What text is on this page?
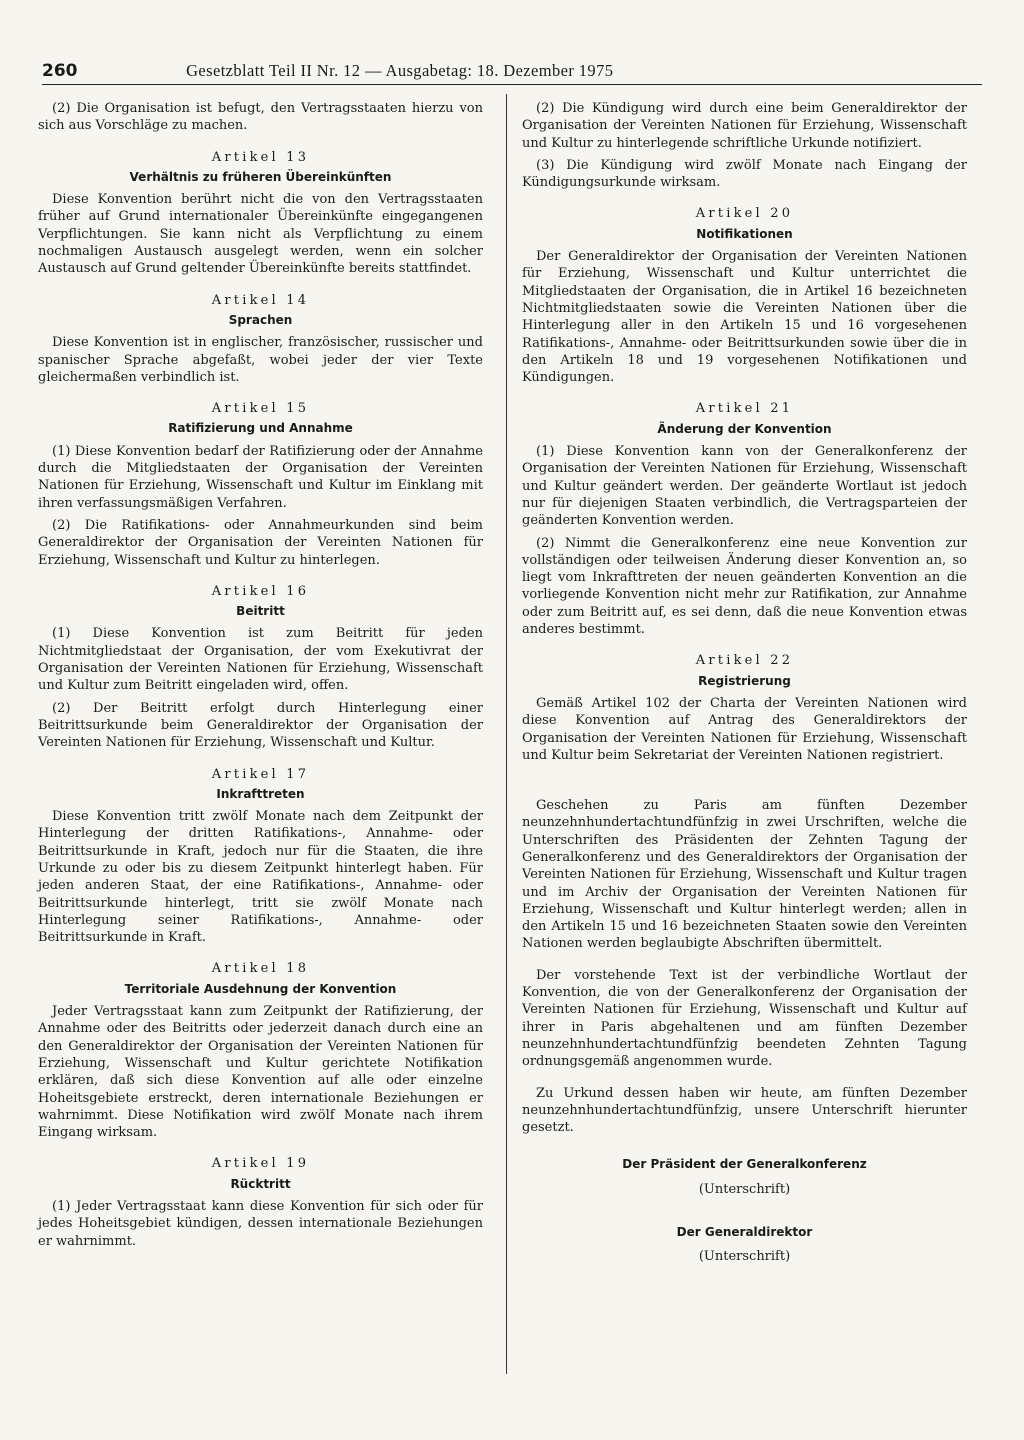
260	Gesetzblatt Teil II Nr. 12 — Ausgabetag: 18. Dezember 1975

(2) Die Organisation ist befugt, den Vertragsstaaten hierzu von sich aus Vorschläge zu machen.

Artikel 13
Verhältnis zu früheren Übereinkünften

Diese Konvention berührt nicht die von den Vertragsstaaten früher auf Grund internationaler Übereinkünfte eingegangenen Verpflichtungen. Sie kann nicht als Verpflichtung zu einem nochmaligen Austausch ausgelegt werden, wenn ein solcher Austausch auf Grund geltender Übereinkünfte bereits stattfindet.

Artikel 14
Sprachen

Diese Konvention ist in englischer, französischer, russischer und spanischer Sprache abgefaßt, wobei jeder der vier Texte gleichermaßen verbindlich ist.

Artikel 15
Ratifizierung und Annahme

(1) Diese Konvention bedarf der Ratifizierung oder der Annahme durch die Mitgliedstaaten der Organisation der Vereinten Nationen für Erziehung, Wissenschaft und Kultur im Einklang mit ihren verfassungsmäßigen Verfahren.

(2) Die Ratifikations- oder Annahmeurkunden sind beim Generaldirektor der Organisation der Vereinten Nationen für Erziehung, Wissenschaft und Kultur zu hinterlegen.

Artikel 16
Beitritt

(1) Diese Konvention ist zum Beitritt für jeden Nichtmitgliedstaat der Organisation, der vom Exekutivrat der Organisation der Vereinten Nationen für Erziehung, Wissenschaft und Kultur zum Beitritt eingeladen wird, offen.

(2) Der Beitritt erfolgt durch Hinterlegung einer Beitrittsurkunde beim Generaldirektor der Organisation der Vereinten Nationen für Erziehung, Wissenschaft und Kultur.

Artikel 17
Inkrafttreten

Diese Konvention tritt zwölf Monate nach dem Zeitpunkt der Hinterlegung der dritten Ratifikations-, Annahme- oder Beitrittsurkunde in Kraft, jedoch nur für die Staaten, die ihre Urkunde zu oder bis zu diesem Zeitpunkt hinterlegt haben. Für jeden anderen Staat, der eine Ratifikations-, Annahme- oder Beitrittsurkunde hinterlegt, tritt sie zwölf Monate nach Hinterlegung seiner Ratifikations-, Annahme- oder Beitrittsurkunde in Kraft.

Artikel 18
Territoriale Ausdehnung der Konvention

Jeder Vertragsstaat kann zum Zeitpunkt der Ratifizierung, der Annahme oder des Beitritts oder jederzeit danach durch eine an den Generaldirektor der Organisation der Vereinten Nationen für Erziehung, Wissenschaft und Kultur gerichtete Notifikation erklären, daß sich diese Konvention auf alle oder einzelne Hoheitsgebiete erstreckt, deren internationale Beziehungen er wahrnimmt. Diese Notifikation wird zwölf Monate nach ihrem Eingang wirksam.

Artikel 19
Rücktritt

(1) Jeder Vertragsstaat kann diese Konvention für sich oder für jedes Hoheitsgebiet kündigen, dessen internationale Beziehungen er wahrnimmt.

(2) Die Kündigung wird durch eine beim Generaldirektor der Organisation der Vereinten Nationen für Erziehung, Wissenschaft und Kultur zu hinterlegende schriftliche Urkunde notifiziert.

(3) Die Kündigung wird zwölf Monate nach Eingang der Kündigungsurkunde wirksam.

Artikel 20
Notifikationen

Der Generaldirektor der Organisation der Vereinten Nationen für Erziehung, Wissenschaft und Kultur unterrichtet die Mitgliedstaaten der Organisation, die in Artikel 16 bezeichneten Nichtmitgliedstaaten sowie die Vereinten Nationen über die Hinterlegung aller in den Artikeln 15 und 16 vorgesehenen Ratifikations-, Annahme- oder Beitrittsurkunden sowie über die in den Artikeln 18 und 19 vorgesehenen Notifikationen und Kündigungen.

Artikel 21
Änderung der Konvention

(1) Diese Konvention kann von der Generalkonferenz der Organisation der Vereinten Nationen für Erziehung, Wissenschaft und Kultur geändert werden. Der geänderte Wortlaut ist jedoch nur für diejenigen Staaten verbindlich, die Vertragsparteien der geänderten Konvention werden.

(2) Nimmt die Generalkonferenz eine neue Konvention zur vollständigen oder teilweisen Änderung dieser Konvention an, so liegt vom Inkrafttreten der neuen geänderten Konvention an die vorliegende Konvention nicht mehr zur Ratifikation, zur Annahme oder zum Beitritt auf, es sei denn, daß die neue Konvention etwas anderes bestimmt.

Artikel 22
Registrierung

Gemäß Artikel 102 der Charta der Vereinten Nationen wird diese Konvention auf Antrag des Generaldirektors der Organisation der Vereinten Nationen für Erziehung, Wissenschaft und Kultur beim Sekretariat der Vereinten Nationen registriert.

Geschehen zu Paris am fünften Dezember neunzehnhundertachtundfünfzig in zwei Urschriften, welche die Unterschriften des Präsidenten der Zehnten Tagung der Generalkonferenz und des Generaldirektors der Organisation der Vereinten Nationen für Erziehung, Wissenschaft und Kultur tragen und im Archiv der Organisation der Vereinten Nationen für Erziehung, Wissenschaft und Kultur hinterlegt werden; allen in den Artikeln 15 und 16 bezeichneten Staaten sowie den Vereinten Nationen werden beglaubigte Abschriften übermittelt.

Der vorstehende Text ist der verbindliche Wortlaut der Konvention, die von der Generalkonferenz der Organisation der Vereinten Nationen für Erziehung, Wissenschaft und Kultur auf ihrer in Paris abgehaltenen und am fünften Dezember neunzehnhundertachtundfünfzig beendeten Zehnten Tagung ordnungsgemäß angenommen wurde.

Zu Urkund dessen haben wir heute, am fünften Dezember neunzehnhundertachtundfünfzig, unsere Unterschrift hierunter gesetzt.

Der Präsident der Generalkonferenz
(Unterschrift)
Der Generaldirektor
(Unterschrift)
